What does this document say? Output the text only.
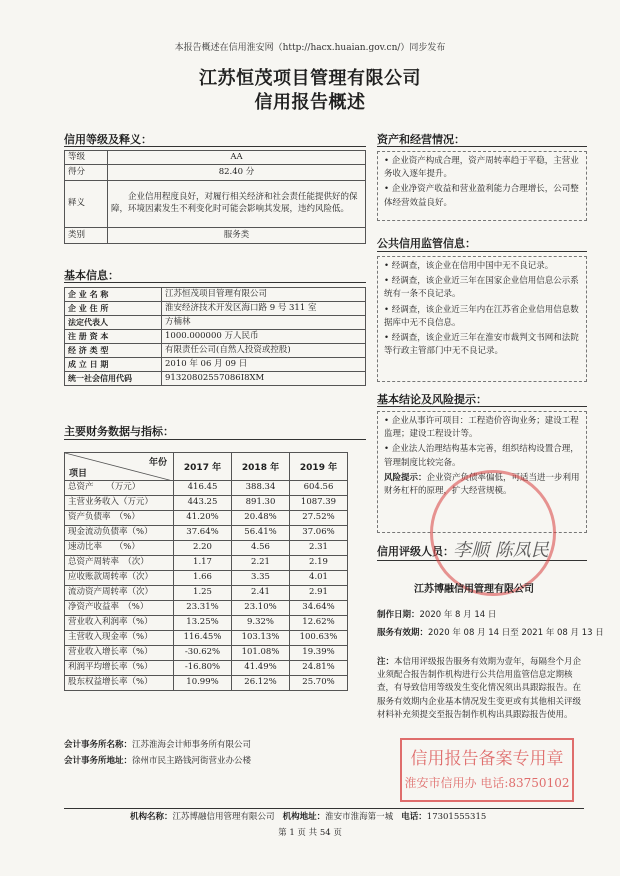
本报告概述在信用淮安网（http://hacx.huaian.gov.cn/）同步发布
江苏恒茂项目管理有限公司
信用报告概述
信用等级及释义：
等级	AA
得分	82.40 分
释义	企业信用程度良好，对履行相关经济和社会责任能提供好的保障，环境因素发生不利变化时可能会影响其发展，违约风险低。
类别	服务类
基本信息：
企 业 名 称	江苏恒茂项目管理有限公司
企 业 住 所	淮安经济技术开发区海口路 9 号 311 室
法定代表人	方楠林
注 册 资 本	1000.000000 万人民币
经 济 类 型	有限责任公司(自然人投资或控股)
成 立 日 期	2010 年 06 月 09 日
统一社会信用代码	91320802557086I8XM
主要财务数据与指标：
年份
项目	2017 年	2018 年	2019 年
总资产　　（万元）	416.45	388.34	604.56
主营业务收入（万元）	443.25	891.30	1087.39
资产负债率　（%）	41.20%	20.48%	27.52%
现金流动负债率（%）	37.64%	56.41%	37.06%
速动比率　　（%）	2.20	4.56	2.31
总资产周转率　（次）	1.17	2.21	2.19
应收账款周转率（次）	1.66	3.35	4.01
流动资产周转率（次）	1.25	2.41	2.91
净资产收益率　（%）	23.31%	23.10%	34.64%
营业收入利润率（%）	13.25%	9.32%	12.62%
主营收入现金率（%）	116.45%	103.13%	100.63%
营业收入增长率（%）	-30.62%	101.08%	19.39%
利润平均增长率（%）	-16.80%	41.49%	24.81%
股东权益增长率（%）	10.99%	26.12%	25.70%
会计事务所名称：江苏淮海会计师事务所有限公司
会计事务所地址：徐州市民主路钱河街营业办公楼
资产和经营情况：

• 企业资产构成合理，资产周转率趋于平稳，主营业务收入逐年提升。

• 企业净资产收益和营业盈利能力合理增长，公司整体经营效益良好。

公共信用监管信息：

• 经调查，该企业在信用中国中无不良记录。

• 经调查，该企业近三年在国家企业信用信息公示系统有一条不良记录。

• 经调查，该企业近三年内在江苏省企业信用信息数据库中无不良信息。

• 经调查，该企业近三年在淮安市裁判文书网和法院等行政主管部门中无不良记录。

基本结论及风险提示：

• 企业从事许可项目：工程造价咨询业务；建设工程监理；建设工程设计等。

• 企业法人治理结构基本完善，组织结构设置合理，管理制度比较完备。

风险提示：企业资产负债率偏低，可适当进一步利用财务杠杆的原理，扩大经营规模。

信用评级人员： 李顺 陈凤民
江苏博融信用管理有限公司
制作日期：2020 年 8 月 14 日
服务有效期：2020 年 08 月 14 日至 2021 年 08 月 13 日
注：本信用评级报告服务有效期为壹年，每隔叁个月企业须配合报告制作机构进行公共信用监管信息定期核查，有导致信用等级发生变化情况须出具跟踪报告。在服务有效期内企业基本情况发生变更或有其他相关评级材料补充须提交至报告制作机构出具跟踪报告使用。
信用报告备案专用章
淮安市信用办 电话:83750102
机构名称：江苏博融信用管理有限公司 机构地址：淮安市淮海第一城 电话：17301555315
第 1 页 共 54 页
